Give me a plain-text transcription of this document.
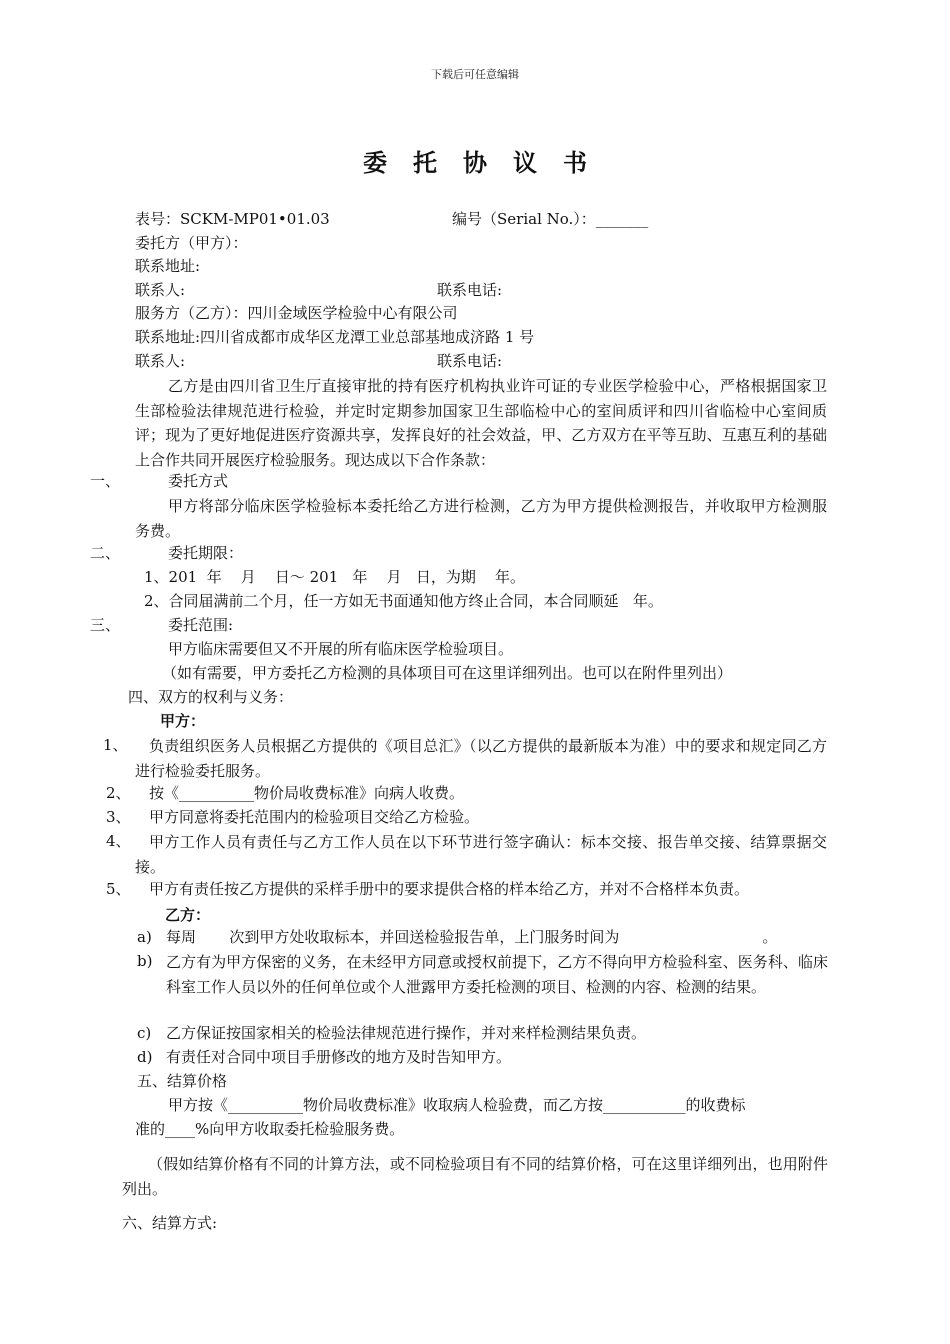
下载后可任意编辑
委托协议书
表号：SCKM-MP01•01.03	编号（Serial No.）：_______
委托方（甲方）：
联系地址:
联系人:	联系电话:
服务方（乙方）：四川金域医学检验中心有限公司
联系地址:四川省成都市成华区龙潭工业总部基地成济路 1 号
联系人:	联系电话:
乙方是由四川省卫生厅直接审批的持有医疗机构执业许可证的专业医学检验中心，严格根据国家卫生部检验法律规范进行检验，并定时定期参加国家卫生部临检中心的室间质评和四川省临检中心室间质评；现为了更好地促进医疗资源共享，发挥良好的社会效益，甲、乙方双方在平等互助、互惠互利的基础上合作共同开展医疗检验服务。现达成以下合作条款：
一、	委托方式
甲方将部分临床医学检验标本委托给乙方进行检测，乙方为甲方提供检测报告，并收取甲方检测服务费。
二、	委托期限：
1、201  年    月    日～ 201   年    月   日，为期    年。
2、合同届满前二个月，任一方如无书面通知他方终止合同，本合同顺延   年。
三、	委托范围:
甲方临床需要但又不开展的所有临床医学检验项目。
（如有需要，甲方委托乙方检测的具体项目可在这里详细列出。也可以在附件里列出）
四、双方的权利与义务：
甲方：
1、	负责组织医务人员根据乙方提供的《项目总汇》（以乙方提供的最新版本为准）中的要求和规定同乙方进行检验委托服务。
2、 按《__________物价局收费标准》向病人收费。
3、 甲方同意将委托范围内的检验项目交给乙方检验。
4、	甲方工作人员有责任与乙方工作人员在以下环节进行签字确认：标本交接、报告单交接、结算票据交接。
5、 甲方有责任按乙方提供的采样手册中的要求提供合格的样本给乙方，并对不合格样本负责。
乙方：
a) 每周       次到甲方处收取标本，并回送检验报告单，上门服务时间为                              。
b) 乙方有为甲方保密的义务，在未经甲方同意或授权前提下，乙方不得向甲方检验科室、医务科、临床科室工作人员以外的任何单位或个人泄露甲方委托检测的项目、检测的内容、检测的结果。
c) 乙方保证按国家相关的检验法律规范进行操作，并对来样检测结果负责。
d) 有责任对合同中项目手册修改的地方及时告知甲方。
五、结算价格
甲方按《__________物价局收费标准》收取病人检验费，而乙方按___________的收费标
准的____%向甲方收取委托检验服务费。
（假如结算价格有不同的计算方法，或不同检验项目有不同的结算价格，可在这里详细列出，也用附件列出。
六、结算方式:
